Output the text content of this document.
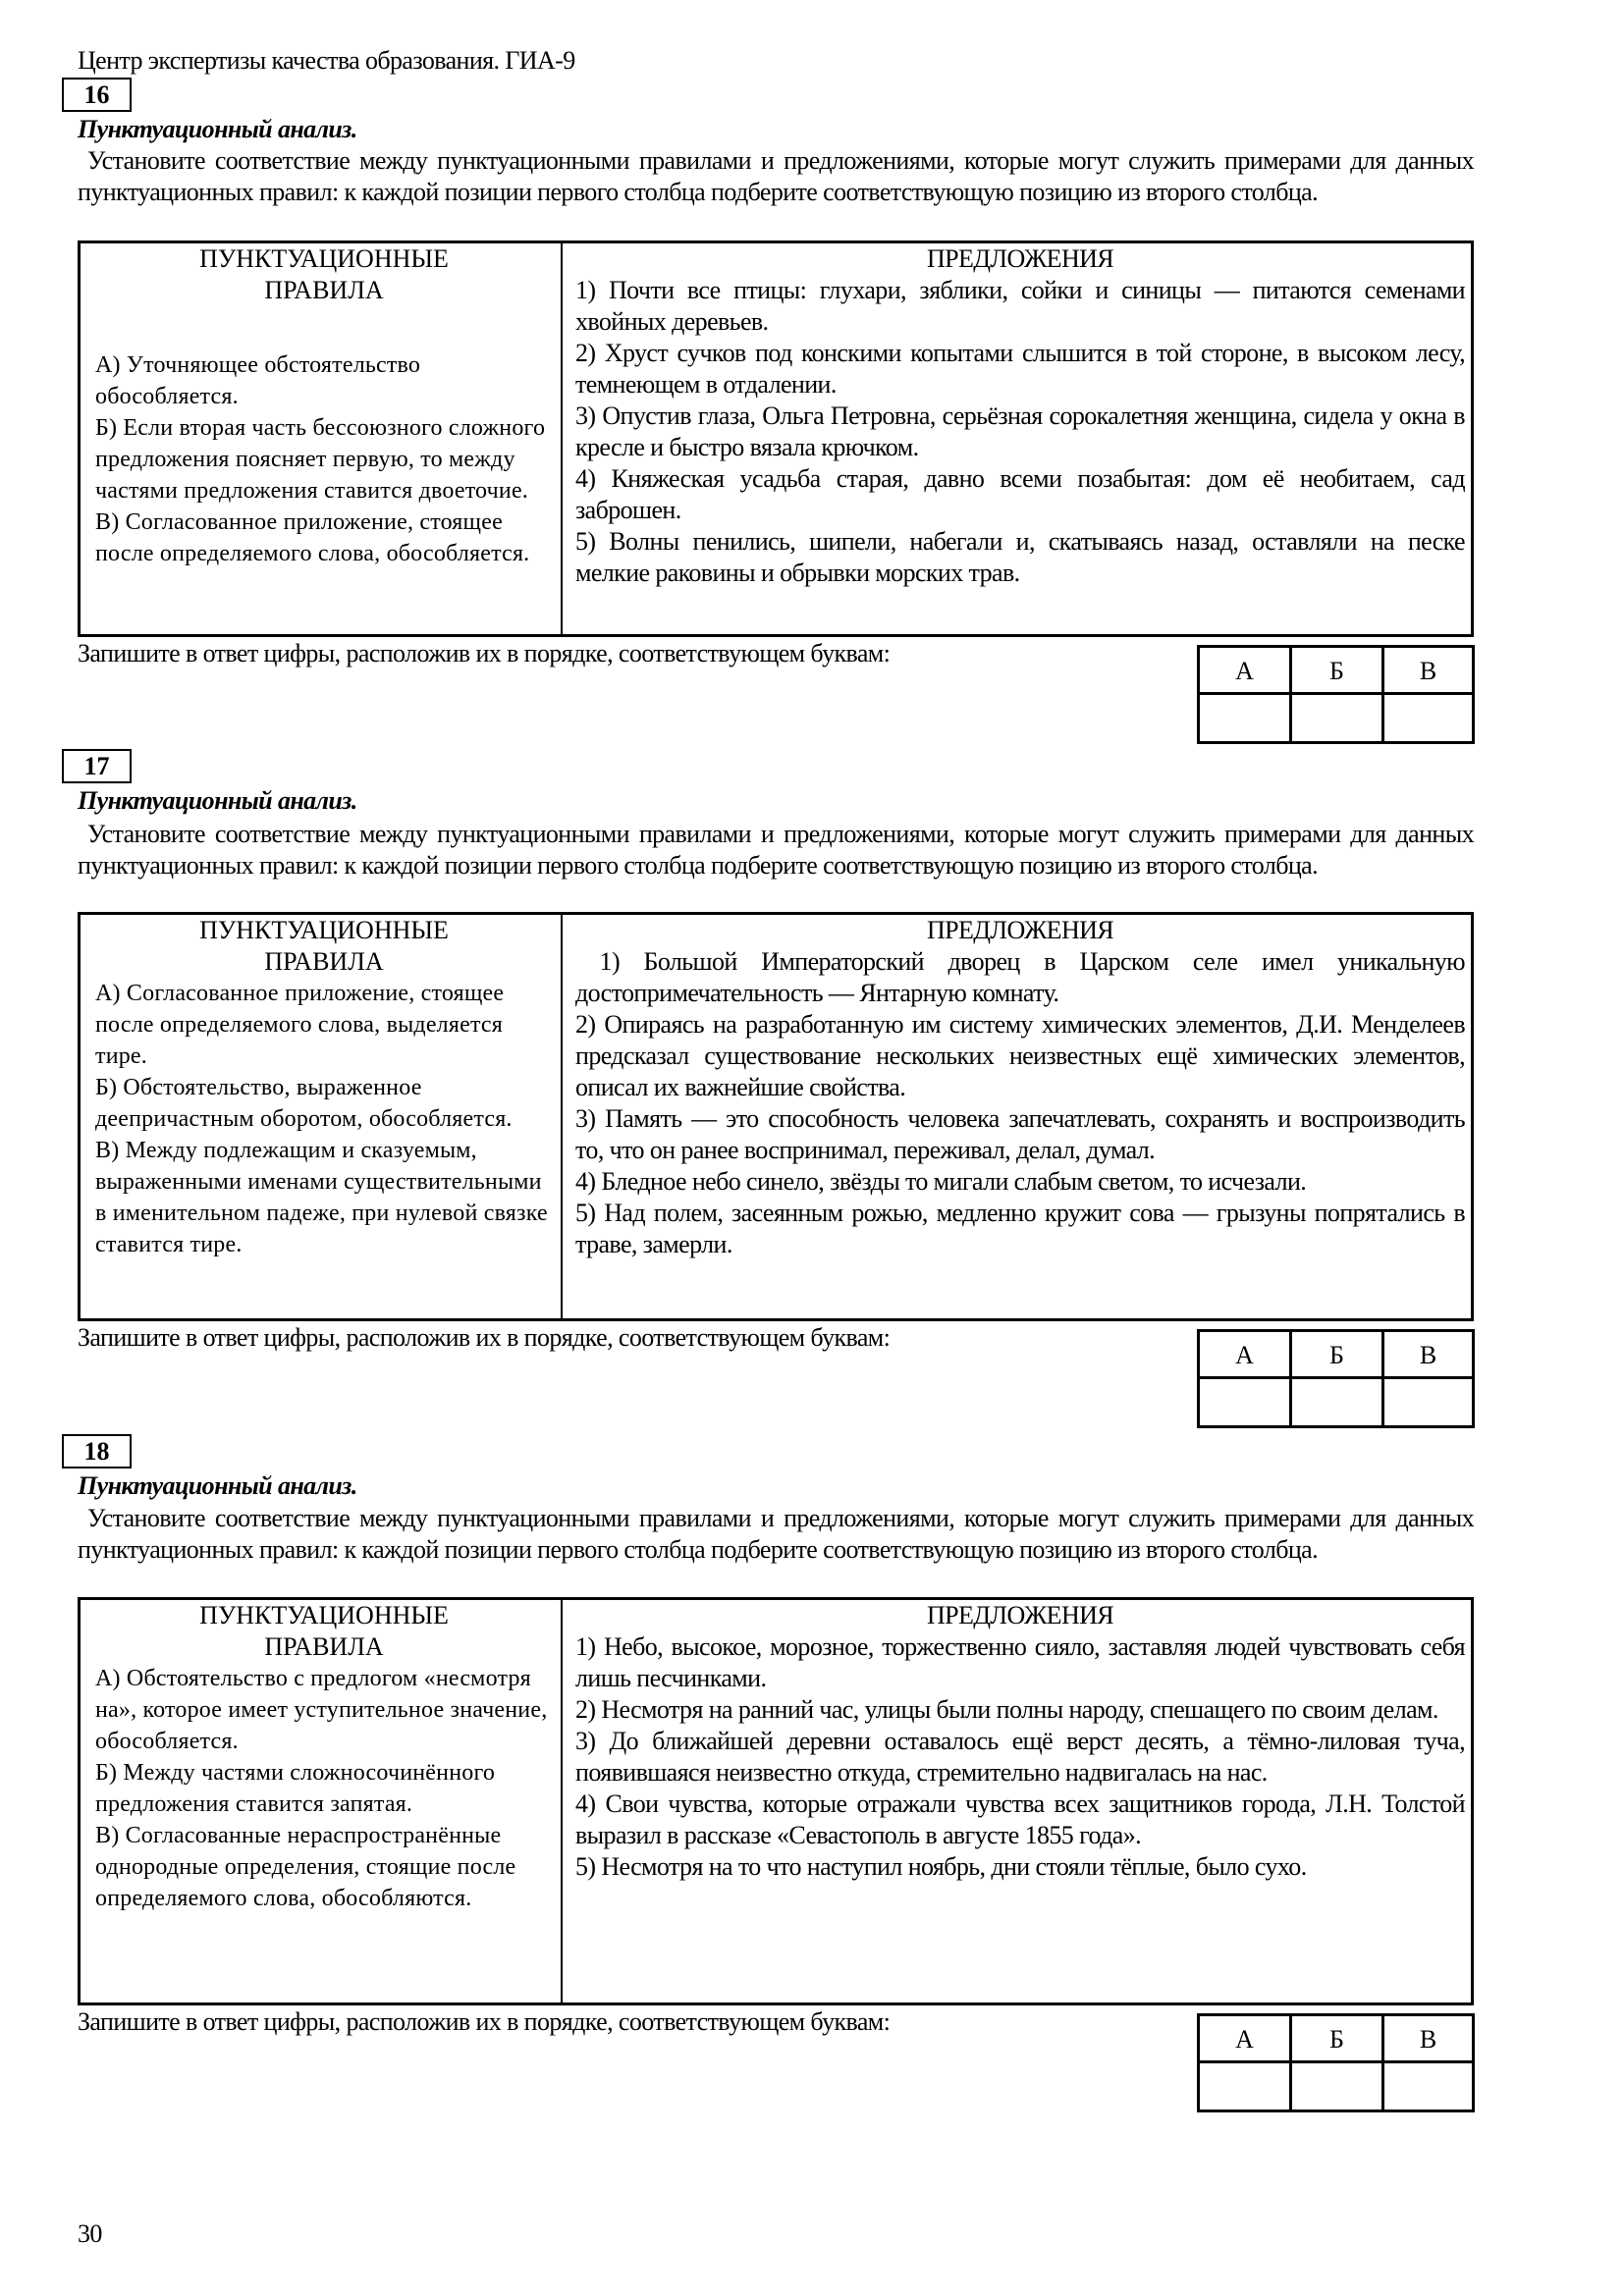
Центр экспертизы качества образования. ГИА-9
16
Пунктуационный анализ.
Установите соответствие между пунктуационными правилами и предложениями, которые могут служить примерами для данных пунктуационных правил: к каждой позиции первого столбца подберите соответствующую позицию из второго столбца.
ПУНКТУАЦИОННЫЕ ПРАВИЛА
А) Уточняющее обстоятельство обособляется.
Б) Если вторая часть бессоюзного сложного предложения поясняет первую, то между частями предложения ставится двоеточие.
В) Согласованное приложение, стоящее после определяемого слова, обособляется.
ПРЕДЛОЖЕНИЯ
1) Почти все птицы: глухари, зяблики, сойки и синицы — питаются семенами хвойных деревьев.
2) Хруст сучков под конскими копытами слышится в той стороне, в высоком лесу, темнеющем в отдалении.
3) Опустив глаза, Ольга Петровна, серьёзная сорокалетняя женщина, сидела у окна в кресле и быстро вязала крючком.
4) Княжеская усадьба старая, давно всеми позабытая: дом её необитаем, сад заброшен.
5) Волны пенились, шипели, набегали и, скатываясь назад, оставляли на песке мелкие раковины и обрывки морских трав.
Запишите в ответ цифры, расположив их в порядке, соответствующем буквам:
А	Б	В
17
Пунктуационный анализ.
Установите соответствие между пунктуационными правилами и предложениями, которые могут служить примерами для данных пунктуационных правил: к каждой позиции первого столбца подберите соответствующую позицию из второго столбца.
ПУНКТУАЦИОННЫЕ ПРАВИЛА
А) Согласованное приложение, стоящее после определяемого слова, выделяется тире.
Б) Обстоятельство, выраженное деепричастным оборотом, обособляется.
В) Между подлежащим и сказуемым, выраженными именами существительными в именительном падеже, при нулевой связке ставится тире.
ПРЕДЛОЖЕНИЯ
1) Большой Императорский дворец в Царском селе имел уникальную достопримечательность — Янтарную комнату.
2) Опираясь на разработанную им систему химических элементов, Д.И. Менделеев предсказал существование нескольких неизвестных ещё химических элементов, описал их важнейшие свойства.
3) Память — это способность человека запечатлевать, сохранять и воспроизводить то, что он ранее воспринимал, переживал, делал, думал.
4) Бледное небо синело, звёзды то мигали слабым светом, то исчезали.
5) Над полем, засеянным рожью, медленно кружит сова — грызуны попрятались в траве, замерли.
Запишите в ответ цифры, расположив их в порядке, соответствующем буквам:
А	Б	В
18
Пунктуационный анализ.
Установите соответствие между пунктуационными правилами и предложениями, которые могут служить примерами для данных пунктуационных правил: к каждой позиции первого столбца подберите соответствующую позицию из второго столбца.
ПУНКТУАЦИОННЫЕ ПРАВИЛА
А) Обстоятельство с предлогом «несмотря на», которое имеет уступительное значение, обособляется.
Б) Между частями сложносочинённого предложения ставится запятая.
В) Согласованные нераспространённые однородные определения, стоящие после определяемого слова, обособляются.
ПРЕДЛОЖЕНИЯ
1) Небо, высокое, морозное, торжественно сияло, заставляя людей чувствовать себя лишь песчинками.
2) Несмотря на ранний час, улицы были полны народу, спешащего по своим делам.
3) До ближайшей деревни оставалось ещё верст десять, а тёмно-лиловая туча, появившаяся неизвестно откуда, стремительно надвигалась на нас.
4) Свои чувства, которые отражали чувства всех защитников города, Л.Н. Толстой выразил в рассказе «Севастополь в августе 1855 года».
5) Несмотря на то что наступил ноябрь, дни стояли тёплые, было сухо.
Запишите в ответ цифры, расположив их в порядке, соответствующем буквам:
А	Б	В
30
